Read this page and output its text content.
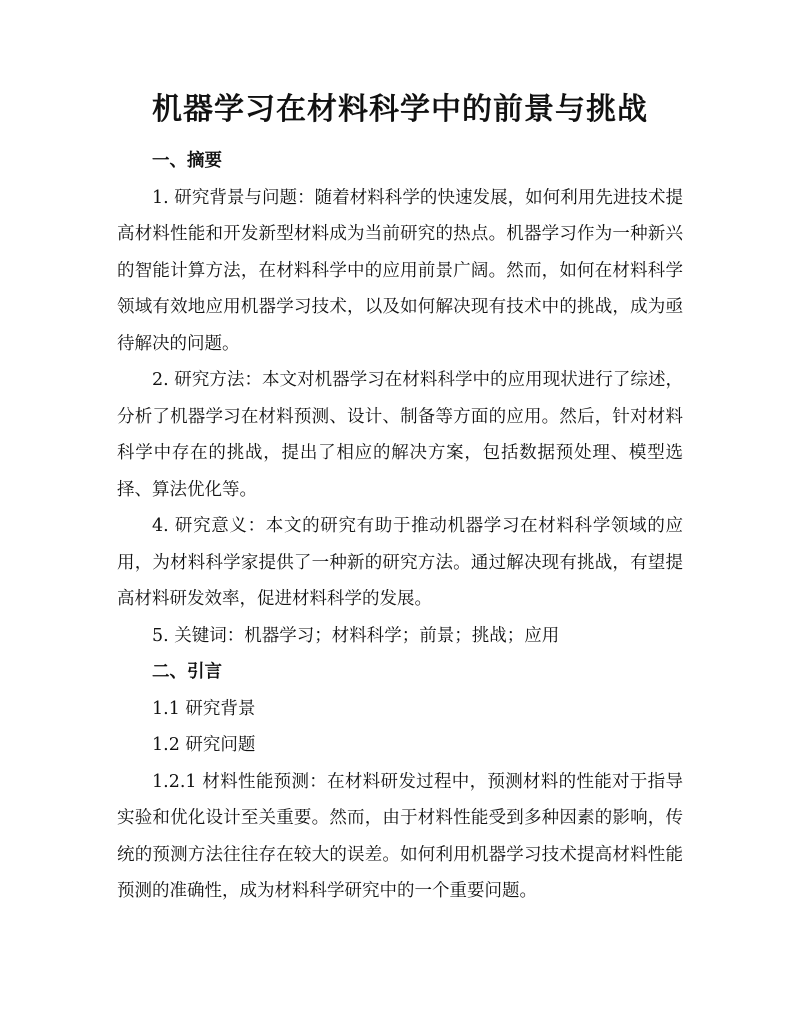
机器学习在材料科学中的前景与挑战

一、摘要

1. 研究背景与问题：随着材料科学的快速发展，如何利用先进技术提高材料性能和开发新型材料成为当前研究的热点。机器学习作为一种新兴的智能计算方法，在材料科学中的应用前景广阔。然而，如何在材料科学领域有效地应用机器学习技术，以及如何解决现有技术中的挑战，成为亟待解决的问题。

2. 研究方法：本文对机器学习在材料科学中的应用现状进行了综述，分析了机器学习在材料预测、设计、制备等方面的应用。然后，针对材料科学中存在的挑战，提出了相应的解决方案，包括数据预处理、模型选择、算法优化等。

4. 研究意义：本文的研究有助于推动机器学习在材料科学领域的应用，为材料科学家提供了一种新的研究方法。通过解决现有挑战，有望提高材料研发效率，促进材料科学的发展。

5. 关键词：机器学习；材料科学；前景；挑战；应用

二、引言

1.1 研究背景

1.2 研究问题

1.2.1 材料性能预测：在材料研发过程中，预测材料的性能对于指导实验和优化设计至关重要。然而，由于材料性能受到多种因素的影响，传统的预测方法往往存在较大的误差。如何利用机器学习技术提高材料性能预测的准确性，成为材料科学研究中的一个重要问题。
